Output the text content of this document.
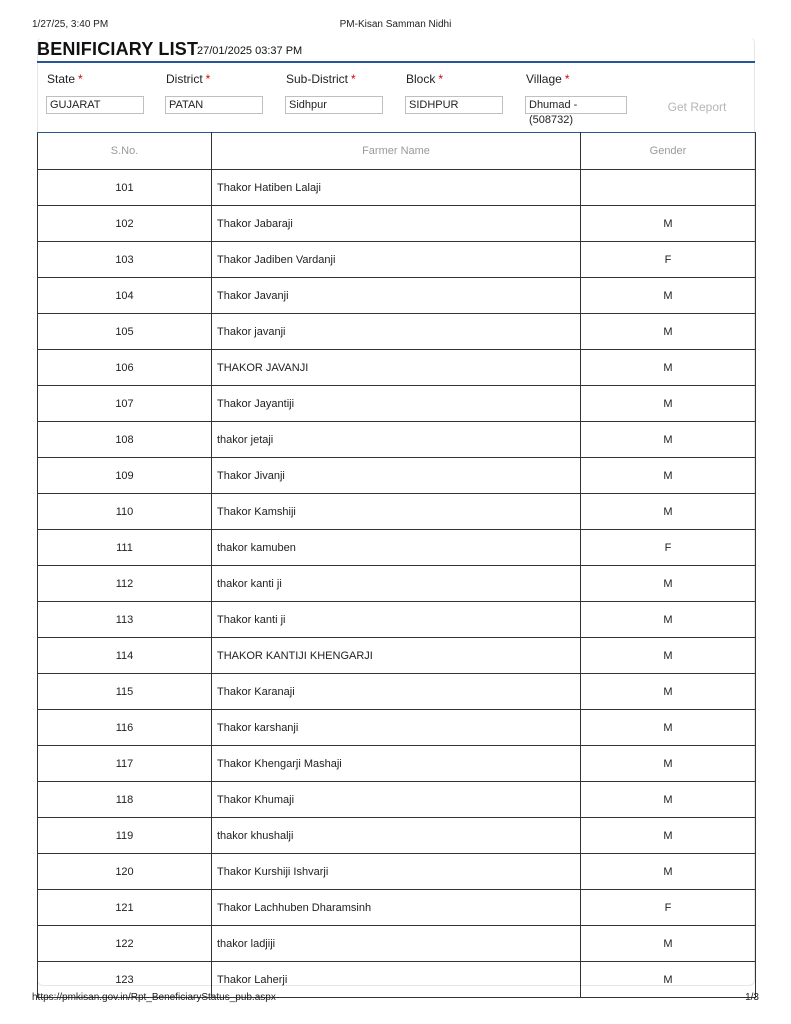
1/27/25, 3:40 PM	PM-Kisan Samman Nidhi
BENIFICIARY LIST
27/01/2025 03:37 PM
State *	District *	Sub-District *	Block *	Village *
GUJARAT	PATAN	Sidhpur	SIDHPUR	Dhumad - (508732)
Get Report
S.No.	Farmer Name	Gender
101	Thakor Hatiben Lalaji	
102	Thakor Jabaraji	M
103	Thakor Jadiben Vardanji	F
104	Thakor Javanji	M
105	Thakor javanji	M
106	THAKOR JAVANJI	M
107	Thakor Jayantiji	M
108	thakor jetaji	M
109	Thakor Jivanji	M
110	Thakor Kamshiji	M
111	thakor kamuben	F
112	thakor kanti ji	M
113	Thakor kanti ji	M
114	THAKOR KANTIJI KHENGARJI	M
115	Thakor Karanaji	M
116	Thakor karshanji	M
117	Thakor Khengarji Mashaji	M
118	Thakor Khumaji	M
119	thakor khushalji	M
120	Thakor Kurshiji Ishvarji	M
121	Thakor Lachhuben Dharamsinh	F
122	thakor ladjiji	M
123	Thakor Laherji	M
https://pmkisan.gov.in/Rpt_BeneficiaryStatus_pub.aspx	1/3
